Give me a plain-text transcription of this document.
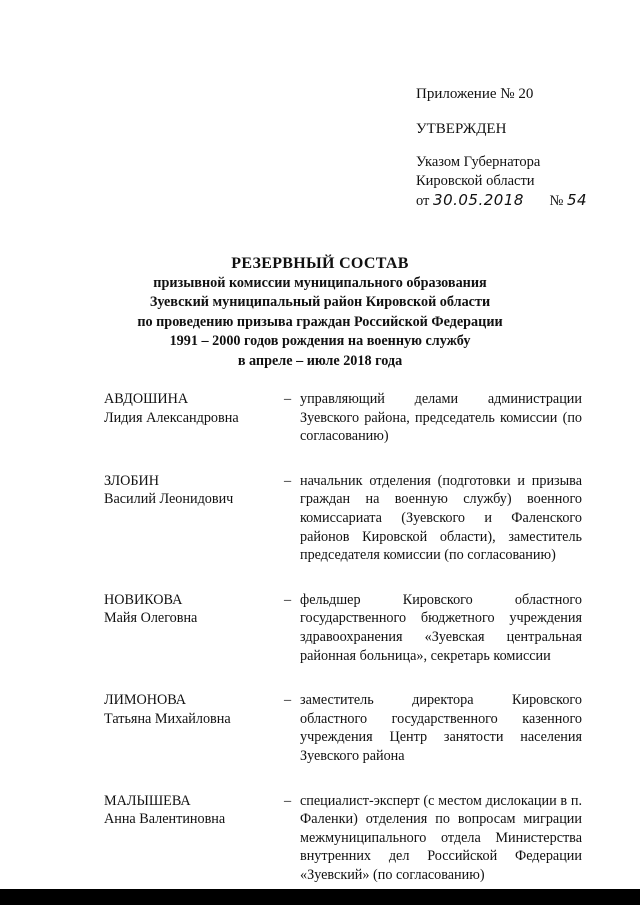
Приложение № 20
УТВЕРЖДЕН
Указом Губернатора
Кировской области
от 30.05.2018 № 54
РЕЗЕРВНЫЙ СОСТАВ
призывной комиссии муниципального образования
Зуевский муниципальный район Кировской области
по проведению призыва граждан Российской Федерации
1991 – 2000 годов рождения на военную службу
в апреле – июле 2018 года
АВДОШИНА
Лидия Александровна
– управляющий делами администрации Зуевского района, председатель комиссии (по согласованию)
ЗЛОБИН
Василий Леонидович
– начальник отделения (подготовки и призыва граждан на военную службу) военного комиссариата (Зуевского и Фаленского районов Кировской области), заместитель председателя комиссии (по согласованию)
НОВИКОВА
Майя Олеговна
– фельдшер Кировского областного государственного бюджетного учреждения здравоохранения «Зуевская центральная районная больница», секретарь комиссии
ЛИМОНОВА
Татьяна Михайловна
– заместитель директора Кировского областного государственного казенного учреждения Центр занятости населения Зуевского района
МАЛЫШЕВА
Анна Валентиновна
– специалист-эксперт (с местом дислокации в п. Фаленки) отделения по вопросам миграции межмуниципального отдела Министерства внутренних дел Российской Федерации «Зуевский» (по согласованию)
